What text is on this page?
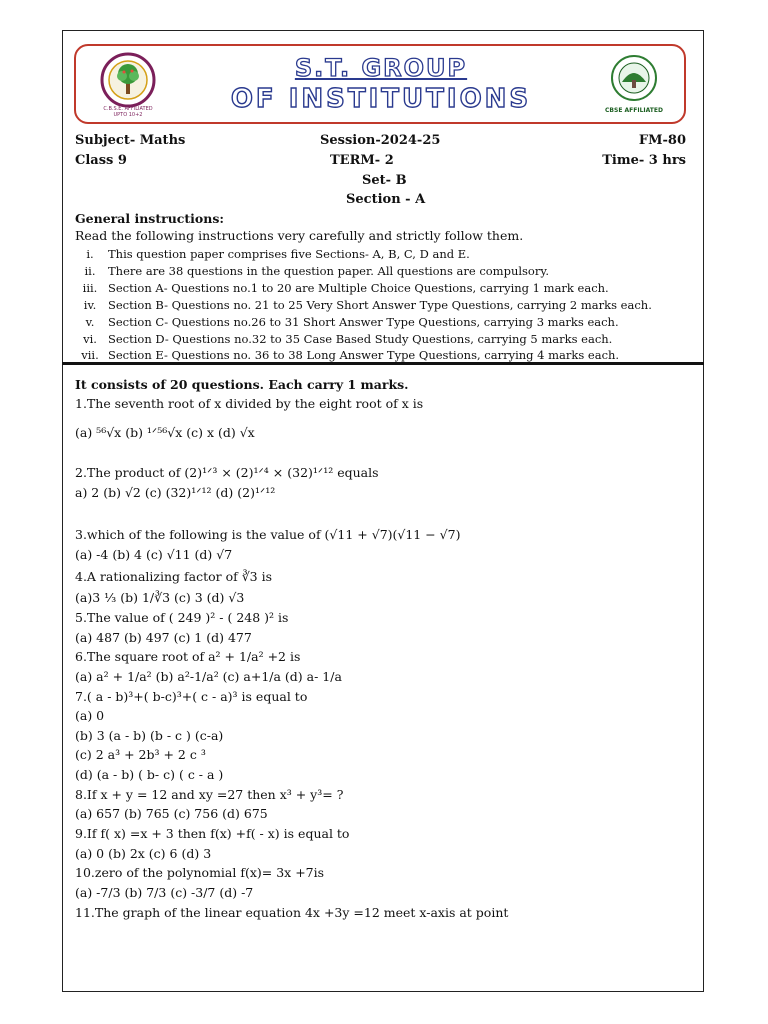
C.B.S.E. AFFILIATED
UPTO 10+2
S.T. GROUP
OF INSTITUTIONS	CBSE AFFILIATED
Subject- Maths	Session-2024-25	FM-80
Class 9	TERM- 2	Time- 3 hrs
Set- B
Section - A
General instructions:
Read the following instructions very carefully and strictly follow them.
i. This question paper comprises five Sections- A, B, C, D and E.
ii. There are 38 questions in the question paper. All questions are compulsory.
iii. Section A- Questions no.1 to 20 are Multiple Choice Questions, carrying 1 mark each.
iv. Section B- Questions no. 21 to 25 Very Short Answer Type Questions, carrying 2 marks each.
v. Section C- Questions no.26 to 31 Short Answer Type Questions, carrying 3 marks each.
vi. Section D- Questions no.32 to 35 Case Based Study Questions, carrying 5 marks each.
vii. Section E- Questions no. 36 to 38 Long Answer Type Questions, carrying 4 marks each.
It consists of 20 questions. Each carry 1 marks.
1.The seventh root of x divided by the eight root of x is
(a) ⁵⁶√x (b) ¹ᐟ⁵⁶√x (c) x (d) √x
2.The product of (2)¹ᐟ³ × (2)¹ᐟ⁴ × (32)¹ᐟ¹² equals
a) 2 (b) √2 (c) (32)¹ᐟ¹² (d) (2)¹ᐟ¹²
3.which of the following is the value of (√11 + √7)(√11 − √7)
(a) -4 (b) 4 (c) √11 (d) √7
4.A rationalizing factor of ∛3 is
(a)3 ⅓ (b) 1/∛3 (c) 3 (d) √3
5.The value of ( 249 )² - ( 248 )² is
(a) 487 (b) 497 (c) 1 (d) 477
6.The square root of a² + 1/a² +2 is
(a) a² + 1/a² (b) a²-1/a² (c) a+1/a (d) a- 1/a
7.( a - b)³+( b-c)³+( c - a)³ is equal to
(a) 0
(b) 3 (a - b) (b - c ) (c-a)
(c) 2 a³ + 2b³ + 2 c ³
(d) (a - b) ( b- c) ( c - a )
8.If x + y = 12 and xy =27 then x³ + y³= ?
(a) 657 (b) 765 (c) 756 (d) 675
9.If f( x) =x + 3 then f(x) +f( - x) is equal to
(a) 0 (b) 2x (c) 6 (d) 3
10.zero of the polynomial f(x)= 3x +7is
(a) -7/3 (b) 7/3 (c) -3/7 (d) -7
11.The graph of the linear equation 4x +3y =12 meet x-axis at point
